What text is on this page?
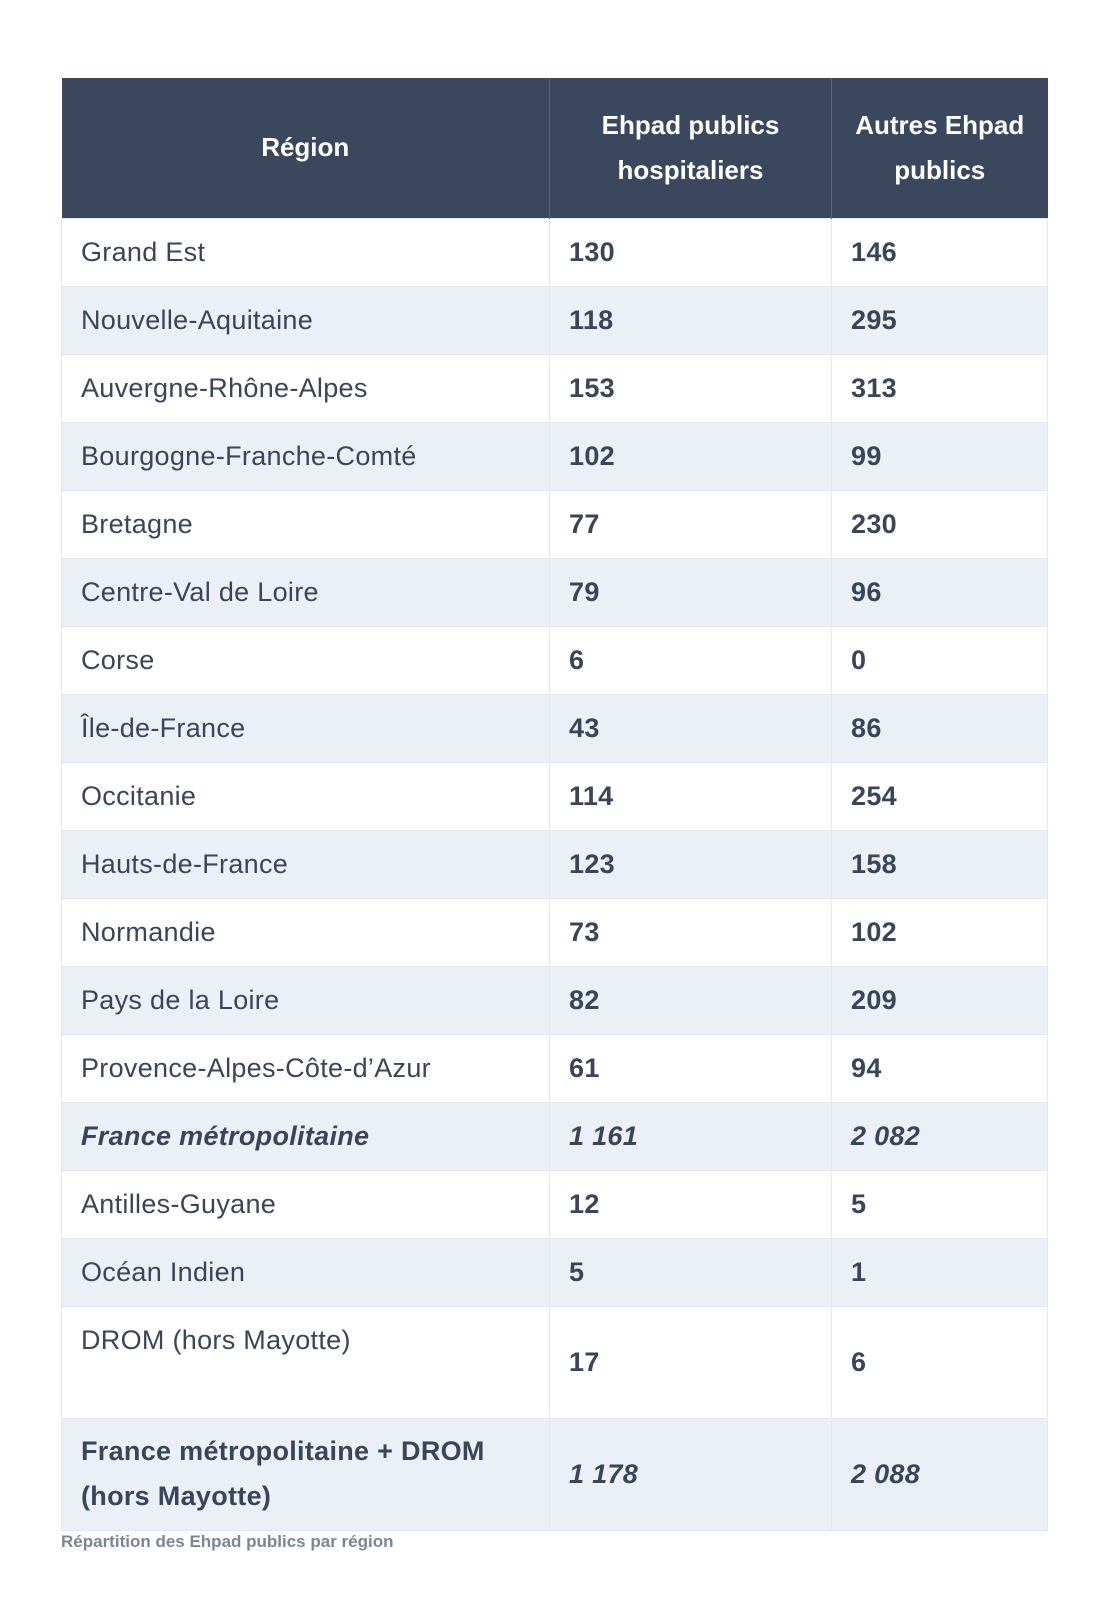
Région	Ehpad publics hospitaliers	Autres Ehpad publics
Grand Est	130	146
Nouvelle-Aquitaine	118	295
Auvergne-Rhône-Alpes	153	313
Bourgogne-Franche-Comté	102	99
Bretagne	77	230
Centre-Val de Loire	79	96
Corse	6	0
Île-de-France	43	86
Occitanie	114	254
Hauts-de-France	123	158
Normandie	73	102
Pays de la Loire	82	209
Provence-Alpes-Côte-d’Azur	61	94
France métropolitaine	1 161	2 082
Antilles-Guyane	12	5
Océan Indien	5	1
DROM (hors Mayotte)	17	6
France métropolitaine + DROM (hors Mayotte)	1 178	2 088
Répartition des Ehpad publics par région
